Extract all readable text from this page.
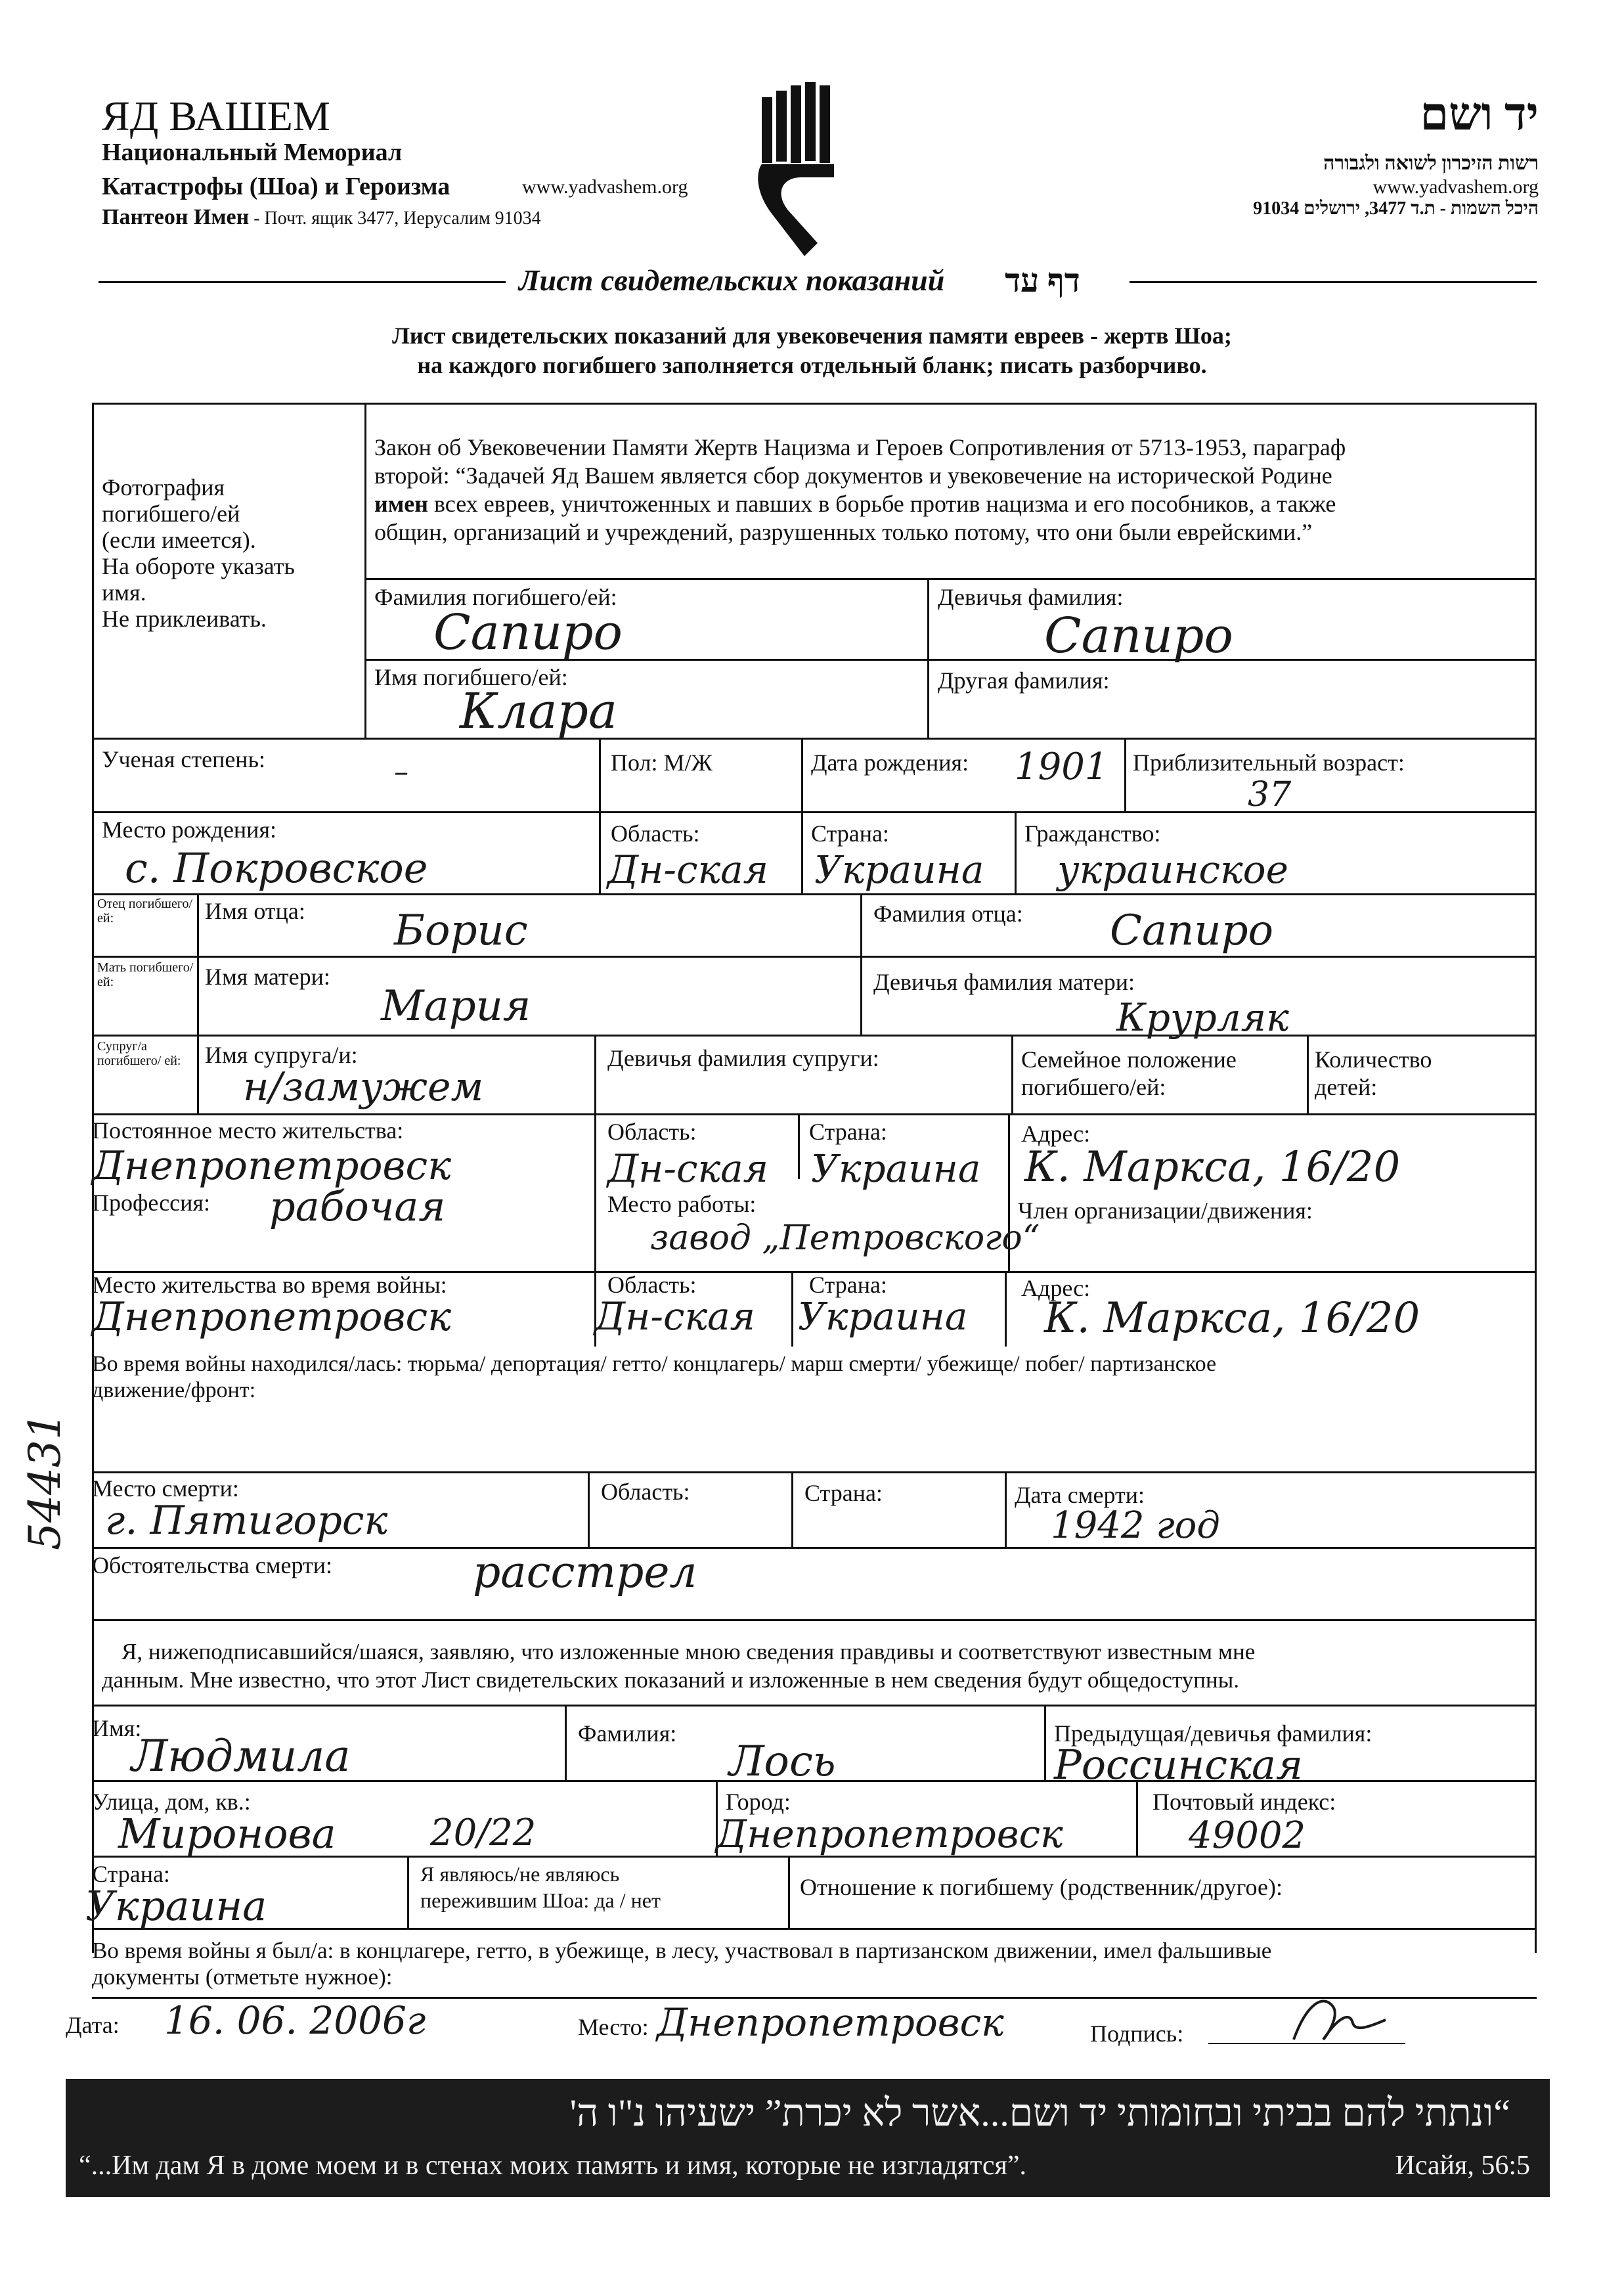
ЯД ВАШЕМ
Национальный Мемориал
Катастрофы (Шоа) и Героизма
Пантеон Имен - Почт. ящик 3477, Иерусалим 91034
www.yadvashem.org
יד ושם
רשות הזיכרון לשואה ולגבורה
www.yadvashem.org
היכל השמות - ת.ד 3477, ירושלים 91034
Лист свидетельских показаний דף עד
Лист свидетельских показаний для увековечения памяти евреев - жертв Шоа;
на каждого погибшего заполняется отдельный бланк; писать разборчиво.
Фотография
погибшего/ей
(если имеется).
На обороте указать
имя.
Не приклеивать.
Закон об Увековечении Памяти Жертв Нацизма и Героев Сопротивления от 5713-1953, параграф
второй: “Задачей Яд Вашем является сбор документов и увековечение на исторической Родине
имен всех евреев, уничтоженных и павших в борьбе против нацизма и его пособников, а также
общин, организаций и учреждений, разрушенных только потому, что они были еврейскими.”
Фамилия погибшего/ей:
Сапиро
Девичья фамилия:
Сапиро
Имя погибшего/ей:
Клара
Другая фамилия:
Ученая степень:	–	Пол: М/Ж	Дата рождения: 1901 Приблизительный возраст:
37
Место рождения:
с. Покровское
Область:
Дн-ская
Страна:
Украина
Гражданство:
украинское
Отец погибшего/ ей:	Имя отца: Борис	Фамилия отца: Сапиро
Мать погибшего/ ей:	Имя матери:
Мария	Девичья фамилия матери:
Крурляк
Супруг/а погибшего/ ей:	Имя супруга/и:
н/замужем
Девичья фамилия супруги:	Семейное положение
погибшего/ей:
Количество
детей:
Постоянное место жительства:
Днепропетровск
Область:
Дн-ская
Страна:
Украина
Адрес:
К. Маркса, 16/20
Профессия: рабочая	Место работы:
завод „Петровского“
Член организации/движения:
Место жительства во время войны:
Днепропетровск
Область:
Дн-ская
Страна:
Украина
Адрес:
К. Маркса, 16/20
Во время войны находился/лась: тюрьма/ депортация/ гетто/ концлагерь/ марш смерти/ убежище/ побег/ партизанское
движение/фронт:
Место смерти:
г. Пятигорск
Область:	Страна:	Дата смерти:
1942 год
Обстоятельства смерти:	расстрел
Я, нижеподписавшийся/шаяся, заявляю, что изложенные мною сведения правдивы и соответствуют известным мне
данным. Мне известно, что этот Лист свидетельских показаний и изложенные в нем сведения будут общедоступны.
Имя:
Людмила	Фамилия:
Лось
Предыдущая/девичья фамилия:
Россинская
Улица, дом, кв.:
Миронова	20/22
Город:
Днепропетровск
Почтовый индекс:
49002
Страна:
Украина
Я являюсь/не являюсь
пережившим Шоа: да / нет	Отношение к погибшему (родственник/другое):
Во время войны я был/а: в концлагере, гетто, в убежище, в лесу, участвовал в партизанском движении, имел фальшивые
документы (отметьте нужное):
Дата: 16. 06. 2006г	Место: Днепропетровск	Подпись:
“ונתתי להם בביתי ובחומותי יד ושם...אשר לא יכרת” ישעיהו נ"ו ה'
“...Им дам Я в доме моем и в стенах моих память и имя, которые не изгладятся”.	Исайя, 56:5
54431
